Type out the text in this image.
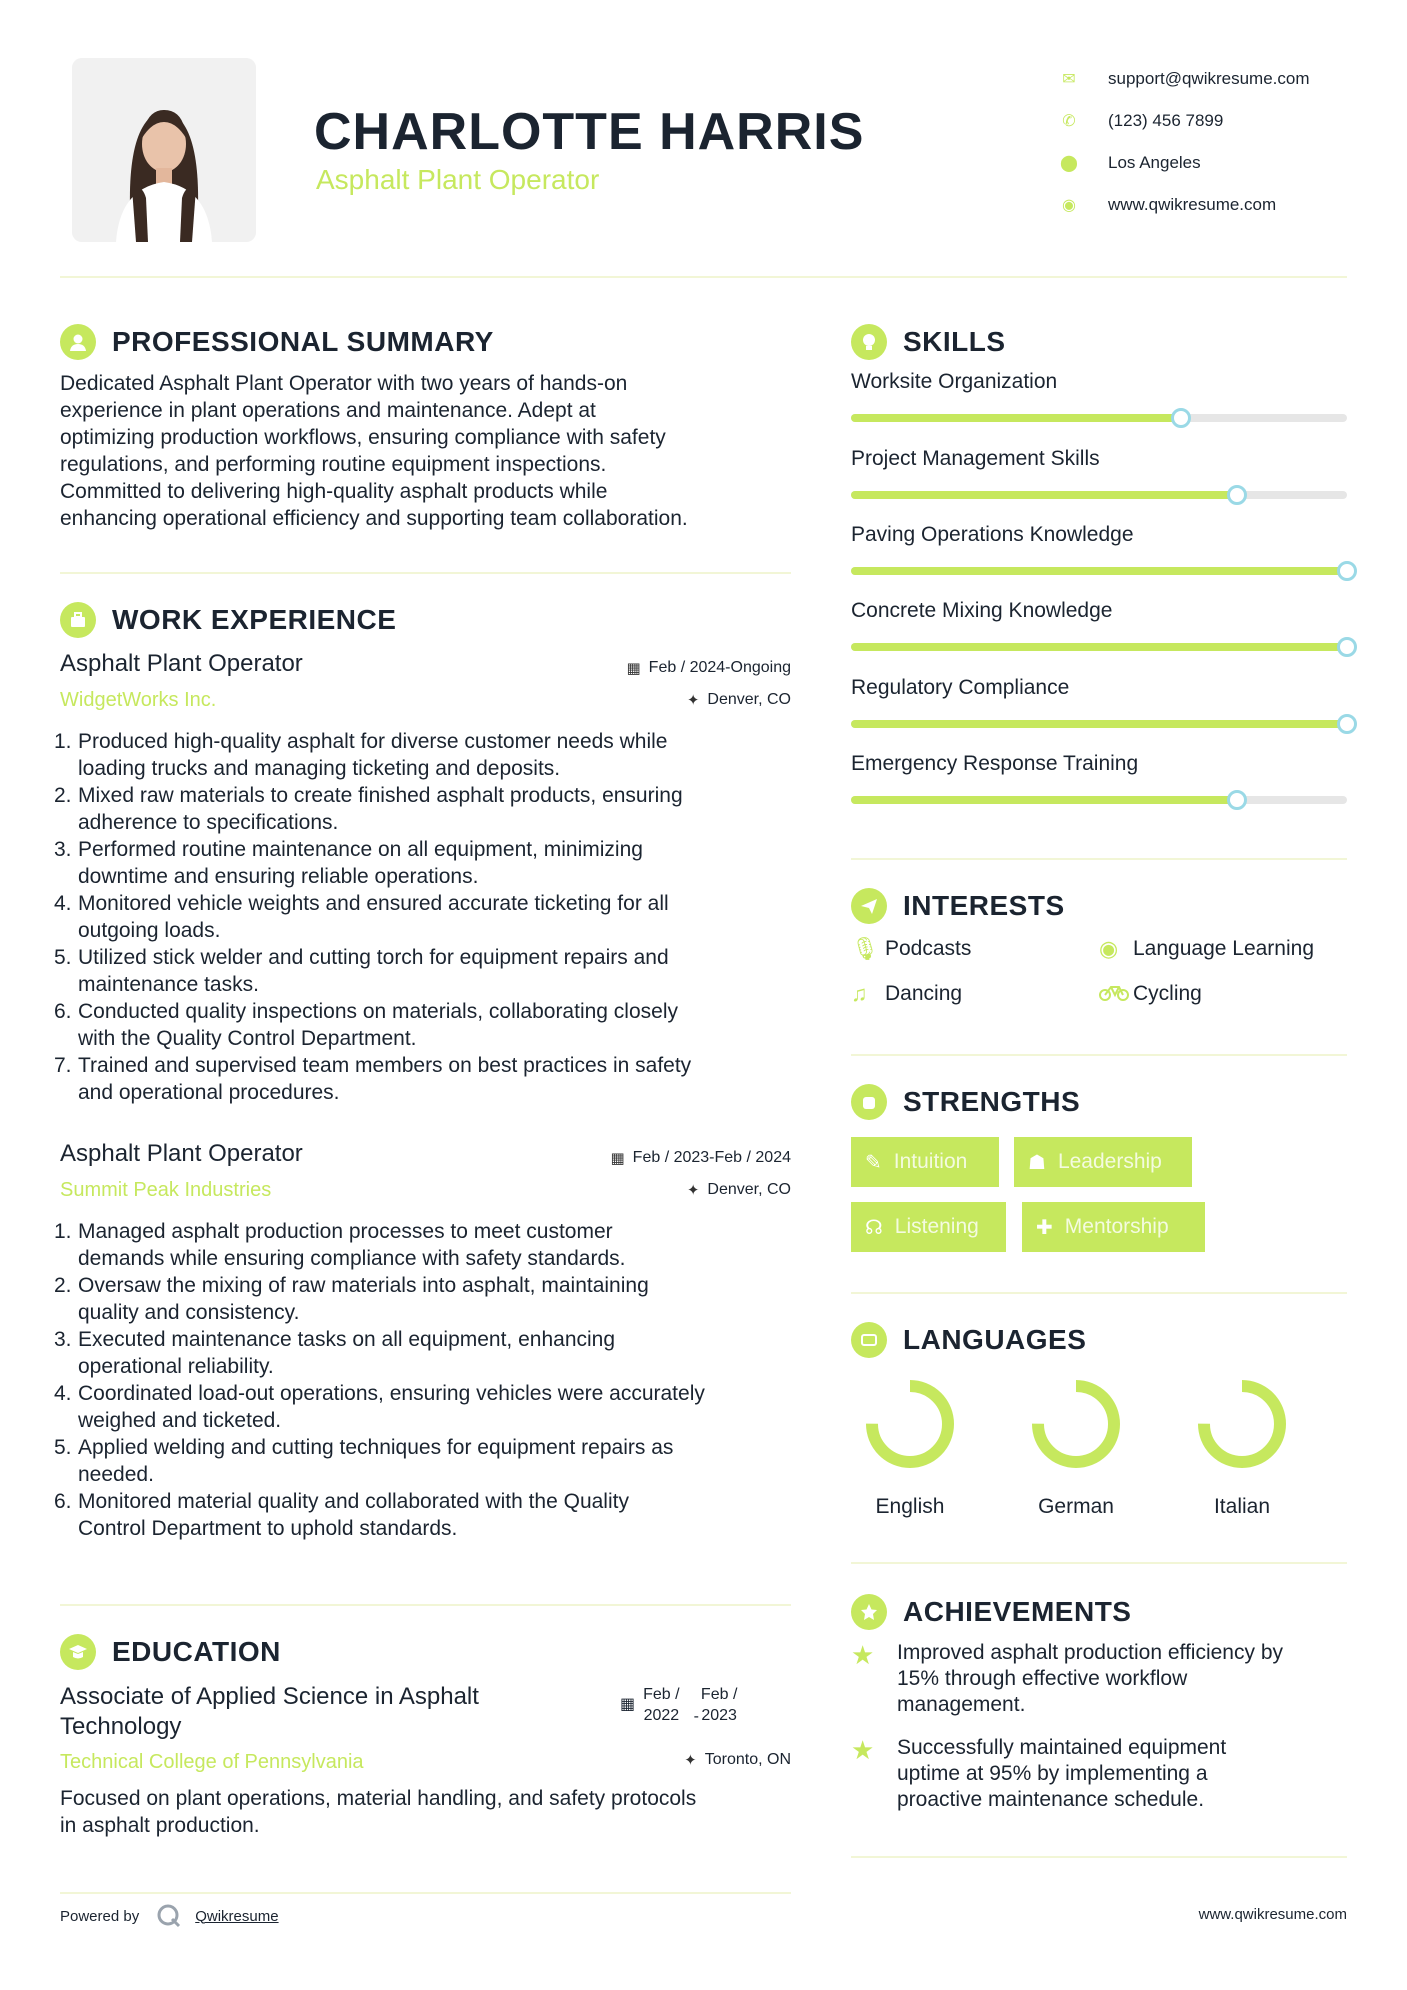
CHARLOTTE HARRIS
Asphalt Plant Operator
✉	support@qwikresume.com
✆	(123) 456 7899
⬤	Los Angeles
◉	www.qwikresume.com
PROFESSIONAL SUMMARY
Dedicated Asphalt Plant Operator with two years of hands-on
experience in plant operations and maintenance. Adept at
optimizing production workflows, ensuring compliance with safety
regulations, and performing routine equipment inspections.
Committed to delivering high-quality asphalt products while
enhancing operational efficiency and supporting team collaboration.
WORK EXPERIENCE
Asphalt Plant Operator
WidgetWorks Inc.
▦ Feb / 2024-Ongoing
✦ Denver, CO
1. Produced high-quality asphalt for diverse customer needs while
loading trucks and managing ticketing and deposits.
2. Mixed raw materials to create finished asphalt products, ensuring
adherence to specifications.
3. Performed routine maintenance on all equipment, minimizing
downtime and ensuring reliable operations.
4. Monitored vehicle weights and ensured accurate ticketing for all
outgoing loads.
5. Utilized stick welder and cutting torch for equipment repairs and
maintenance tasks.
6. Conducted quality inspections on materials, collaborating closely
with the Quality Control Department.
7. Trained and supervised team members on best practices in safety
and operational procedures.
Asphalt Plant Operator
Summit Peak Industries
▦ Feb / 2023-Feb / 2024
✦ Denver, CO
1. Managed asphalt production processes to meet customer
demands while ensuring compliance with safety standards.
2. Oversaw the mixing of raw materials into asphalt, maintaining
quality and consistency.
3. Executed maintenance tasks on all equipment, enhancing
operational reliability.
4. Coordinated load-out operations, ensuring vehicles were accurately
weighed and ticketed.
5. Applied welding and cutting techniques for equipment repairs as
needed.
6. Monitored material quality and collaborated with the Quality
Control Department to uphold standards.
EDUCATION
Associate of Applied Science in Asphalt
Technology
▦
Feb /
2022 -
Feb /
2023
Technical College of Pennsylvania	✦ Toronto, ON
Focused on plant operations, material handling, and safety protocols
in asphalt production.
SKILLS
Worksite Organization
Project Management Skills
Paving Operations Knowledge
Concrete Mixing Knowledge
Regulatory Compliance
Emergency Response Training
INTERESTS
🎙 Podcasts	◉ Language Learning
♫ Dancing	Cycling
STRENGTHS
✎ Intuition	☗ Leadership
☊ Listening	✚ Mentorship
LANGUAGES
English	German	Italian
ACHIEVEMENTS
★	Improved asphalt production efficiency by
15% through effective workflow
management.
★	Successfully maintained equipment
uptime at 95% by implementing a
proactive maintenance schedule.
Powered by	Qwikresume	www.qwikresume.com
